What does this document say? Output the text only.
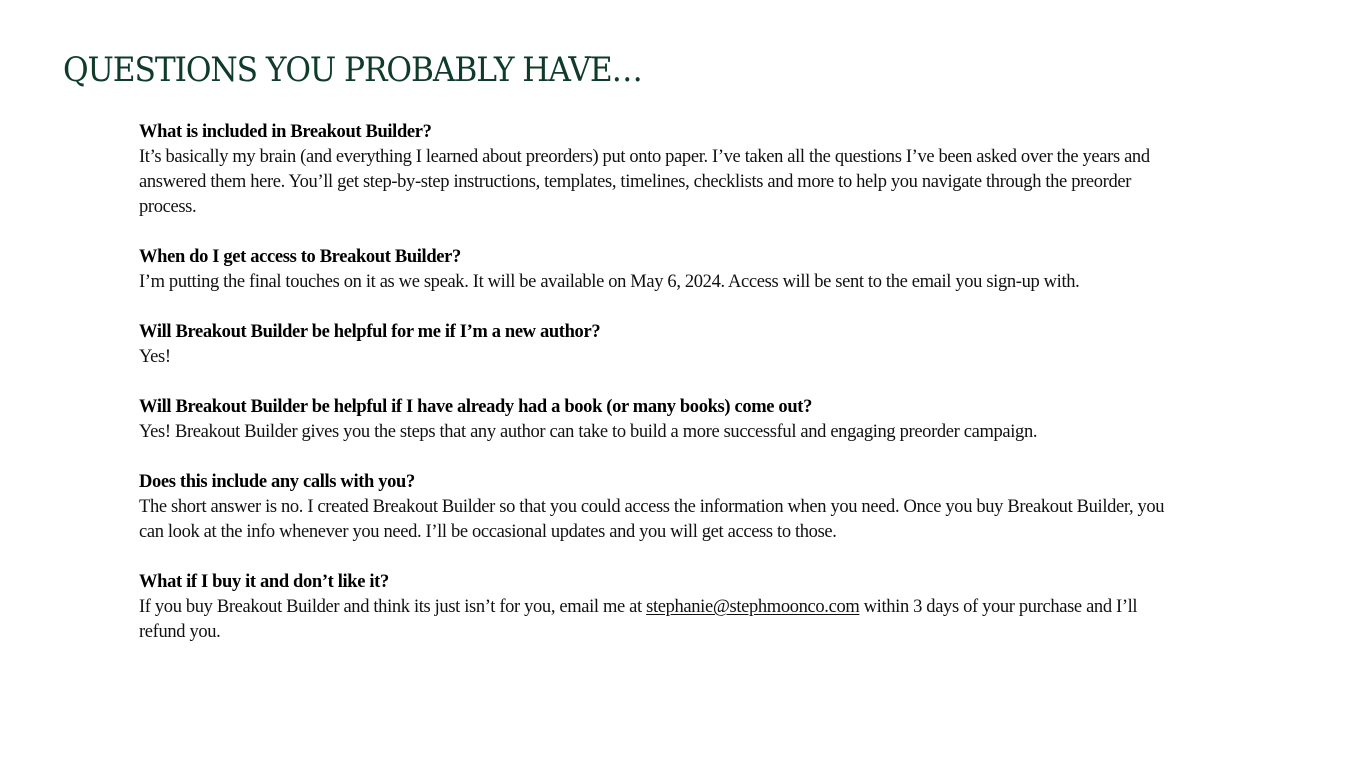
QUESTIONS YOU PROBABLY HAVE…

What is included in Breakout Builder?

It’s basically my brain (and everything I learned about preorders) put onto paper. I’ve taken all the questions I’ve been asked over the years and answered them here. You’ll get step-by-step instructions, templates, timelines, checklists and more to help you navigate through the preorder process.

When do I get access to Breakout Builder?

I’m putting the final touches on it as we speak. It will be available on May 6, 2024. Access will be sent to the email you sign-up with.

Will Breakout Builder be helpful for me if I’m a new author?

Yes!

Will Breakout Builder be helpful if I have already had a book (or many books) come out?

Yes! Breakout Builder gives you the steps that any author can take to build a more successful and engaging preorder campaign.

Does this include any calls with you?

The short answer is no. I created Breakout Builder so that you could access the information when you need. Once you buy Breakout Builder, you can look at the info whenever you need. I’ll be occasional updates and you will get access to those.

What if I buy it and don’t like it?

If you buy Breakout Builder and think its just isn’t for you, email me at stephanie@stephmoonco.com within 3 days of your purchase and I’ll refund you.
